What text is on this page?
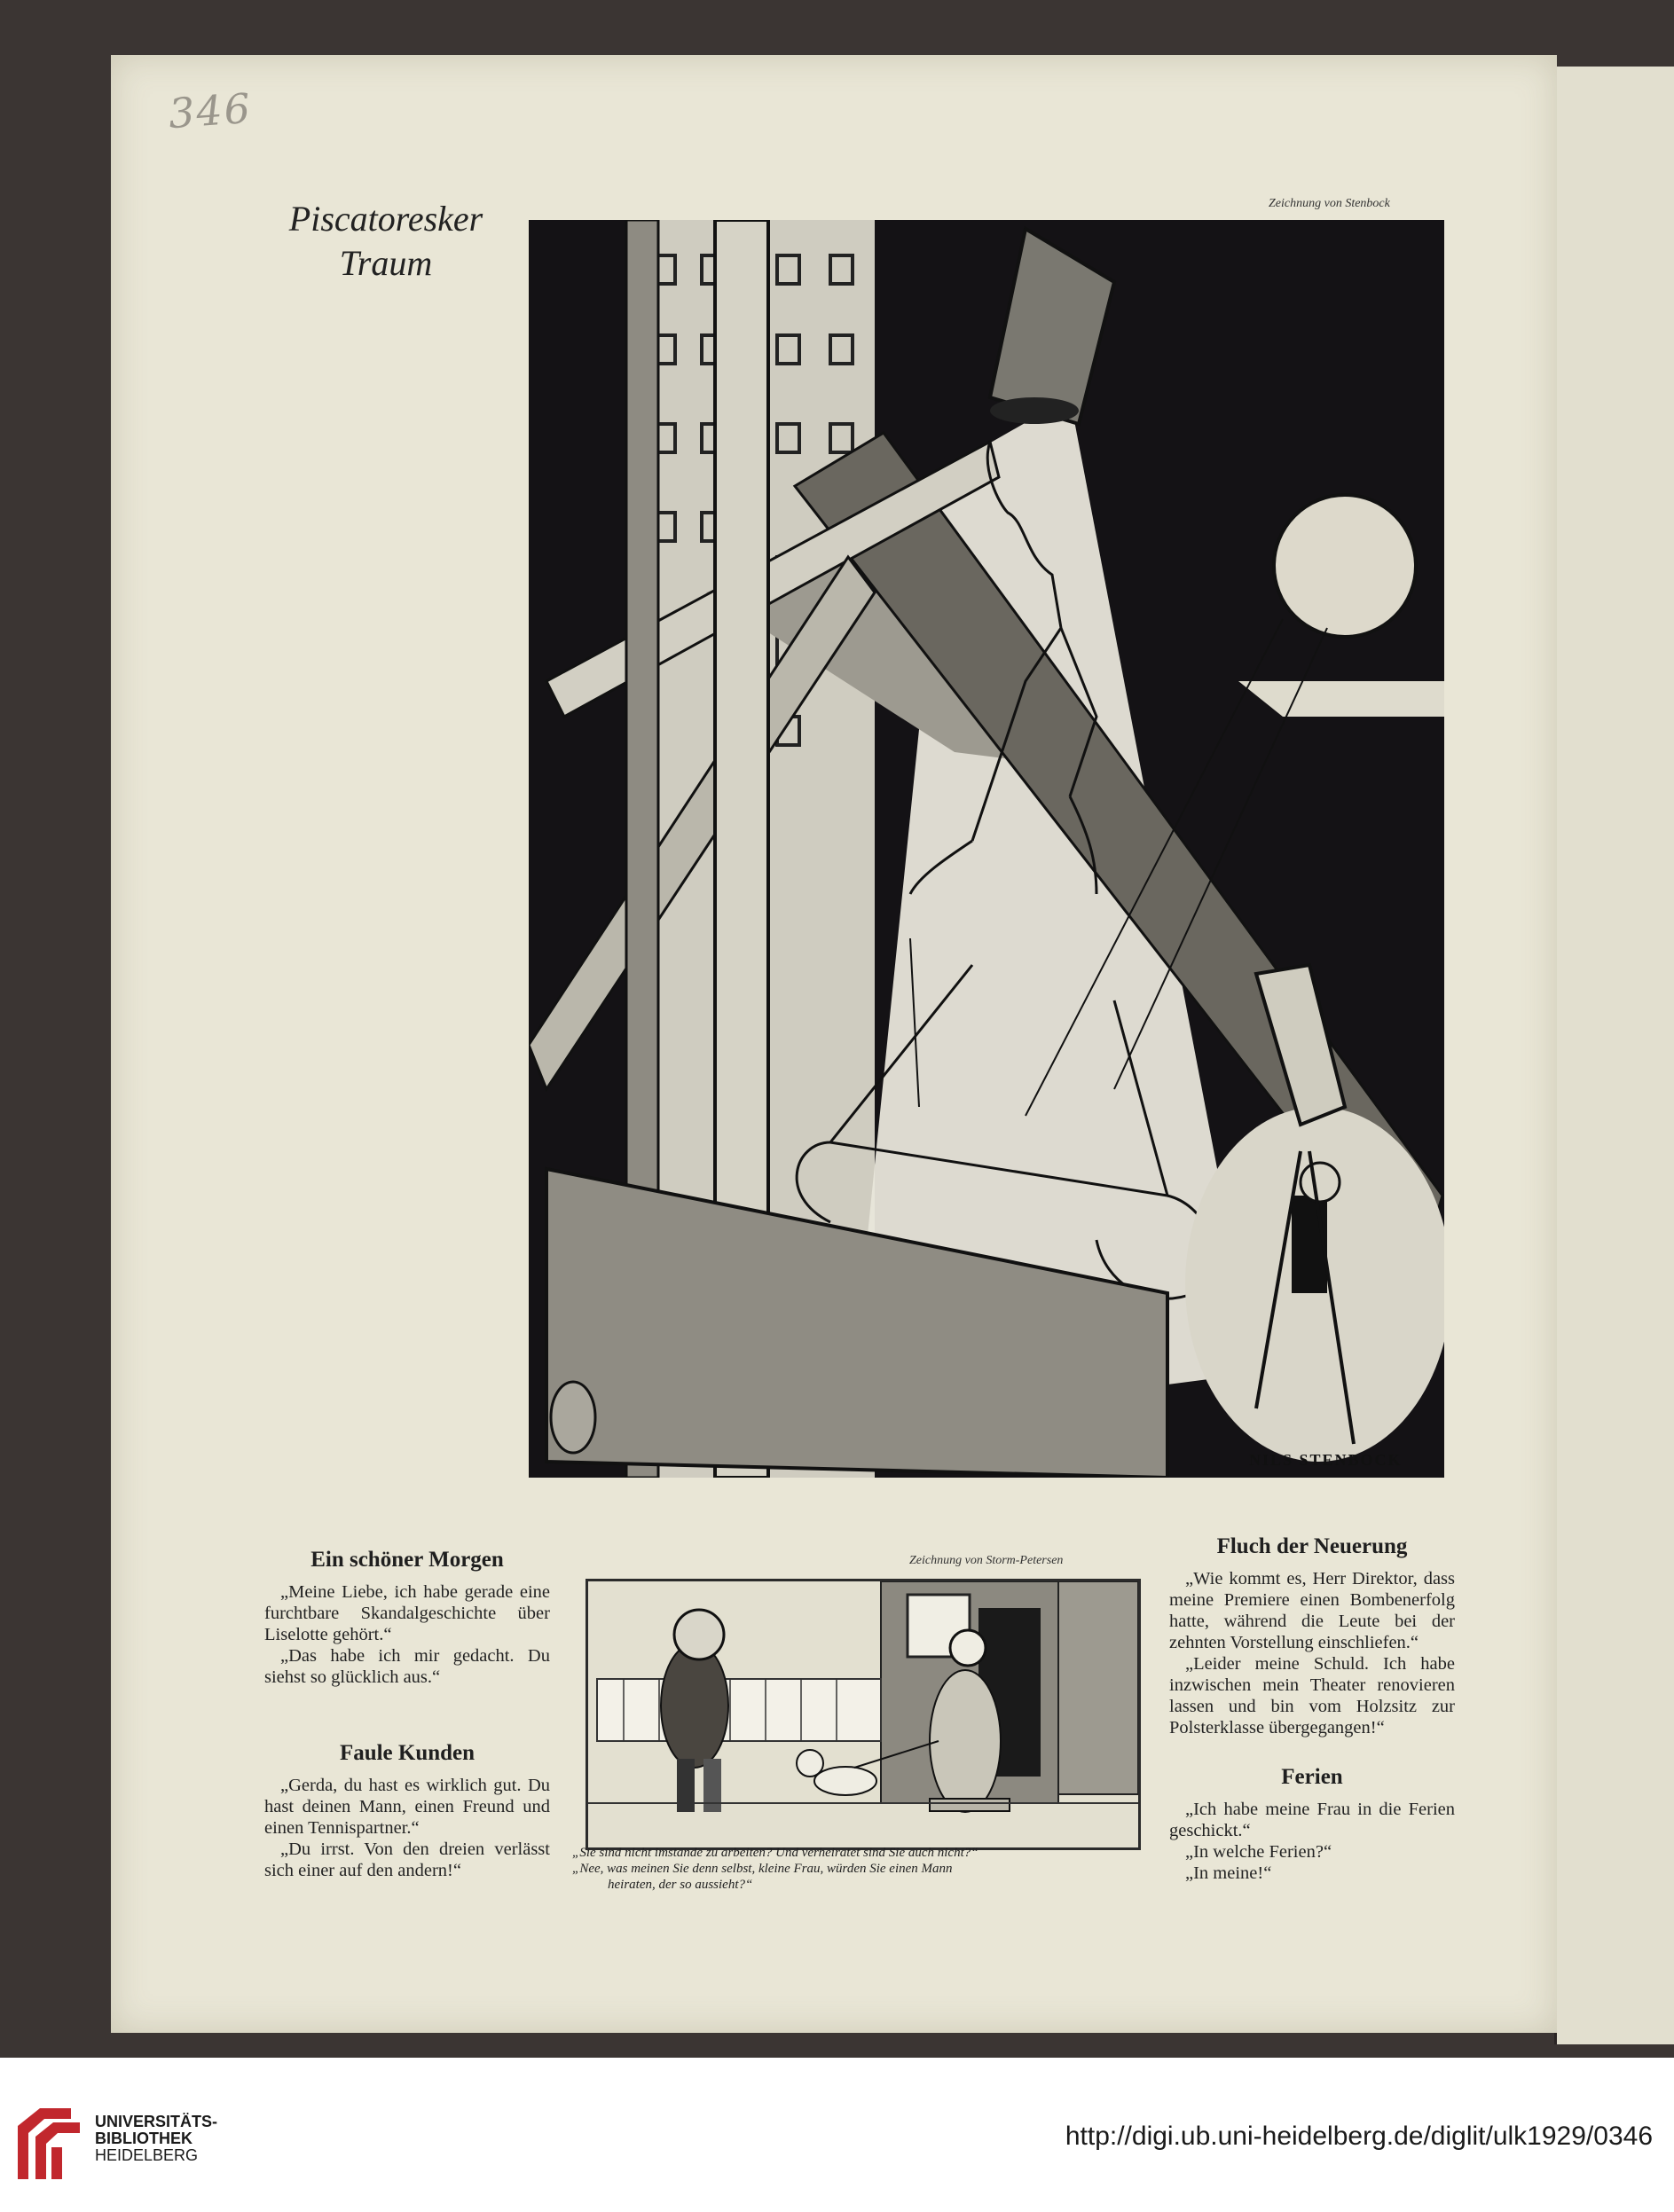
346
Piscatoresker
Traum
Zeichnung von Stenbock
NILS STENBOCK
Ein schöner Morgen

„Meine Liebe, ich habe gerade eine furchtbare Skandalgeschichte über Liselotte gehört.“

„Das habe ich mir gedacht. Du siehst so glücklich aus.“

Faule Kunden

„Gerda, du hast es wirklich gut. Du hast deinen Mann, einen Freund und einen Tennispartner.“

„Du irrst. Von den dreien verlässt sich einer auf den andern!“

Zeichnung von Storm-Petersen
„Sie sind nicht imstande zu arbeiten? Und verheiratet sind Sie auch nicht?“
„Nee, was meinen Sie denn selbst, kleine Frau, würden Sie einen Mann
heiraten, der so aussieht?“
Fluch der Neuerung

„Wie kommt es, Herr Direktor, dass meine Premiere einen Bombenerfolg hatte, während die Leute bei der zehnten Vorstellung einschliefen.“

„Leider meine Schuld. Ich habe inzwischen mein Theater renovieren lassen und bin vom Holzsitz zur Polsterklasse übergegangen!“

Ferien

„Ich habe meine Frau in die Ferien geschickt.“

„In welche Ferien?“

„In meine!“

UNIVERSITÄTS-
BIBLIOTHEK
HEIDELBERG
http://digi.ub.uni-heidelberg.de/diglit/ulk1929/0346
